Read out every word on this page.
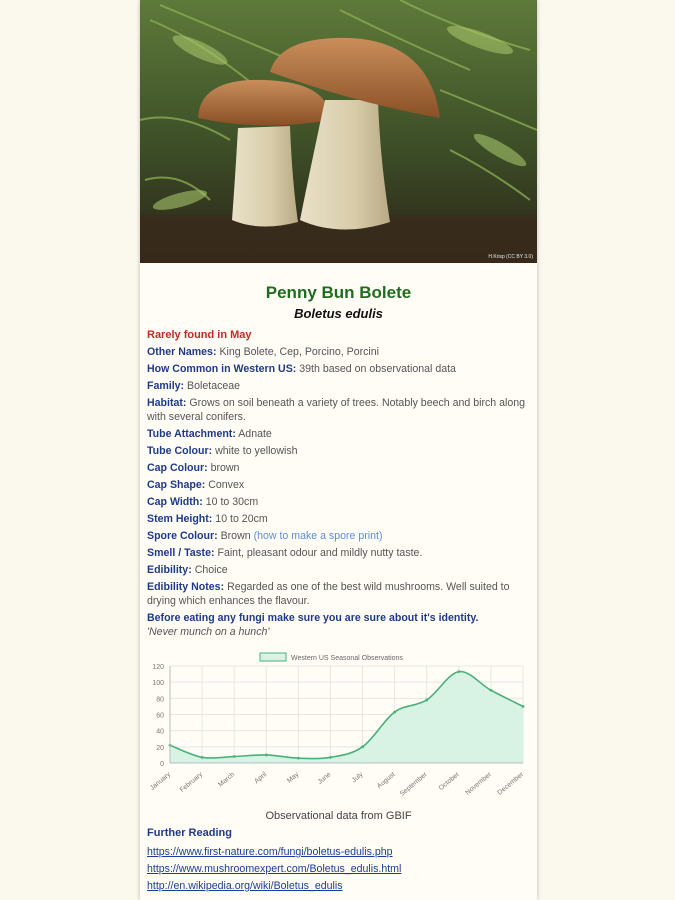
H.Krisp (CC BY 3.0)
Penny Bun Bolete
Boletus edulis
Rarely found in May
Other Names: King Bolete, Cep, Porcino, Porcini
How Common in Western US: 39th based on observational data
Family: Boletaceae
Habitat: Grows on soil beneath a variety of trees. Notably beech and birch along with several conifers.
Tube Attachment: Adnate
Tube Colour: white to yellowish
Cap Colour: brown
Cap Shape: Convex
Cap Width: 10 to 30cm
Stem Height: 10 to 20cm
Spore Colour: Brown (how to make a spore print)
Smell / Taste: Faint, pleasant odour and mildly nutty taste.
Edibility: Choice
Edibility Notes: Regarded as one of the best wild mushrooms. Well suited to drying which enhances the flavour.
Before eating any fungi make sure you are sure about it's identity.
'Never munch on a hunch'
0
20
40
60
80
100
120
January February March	April	May June	July August September October November December
Western US Seasonal Observations
Observational data from GBIF
Further Reading
https://www.first-nature.com/fungi/boletus-edulis.php
https://www.mushroomexpert.com/Boletus_edulis.html
http://en.wikipedia.org/wiki/Boletus_edulis
